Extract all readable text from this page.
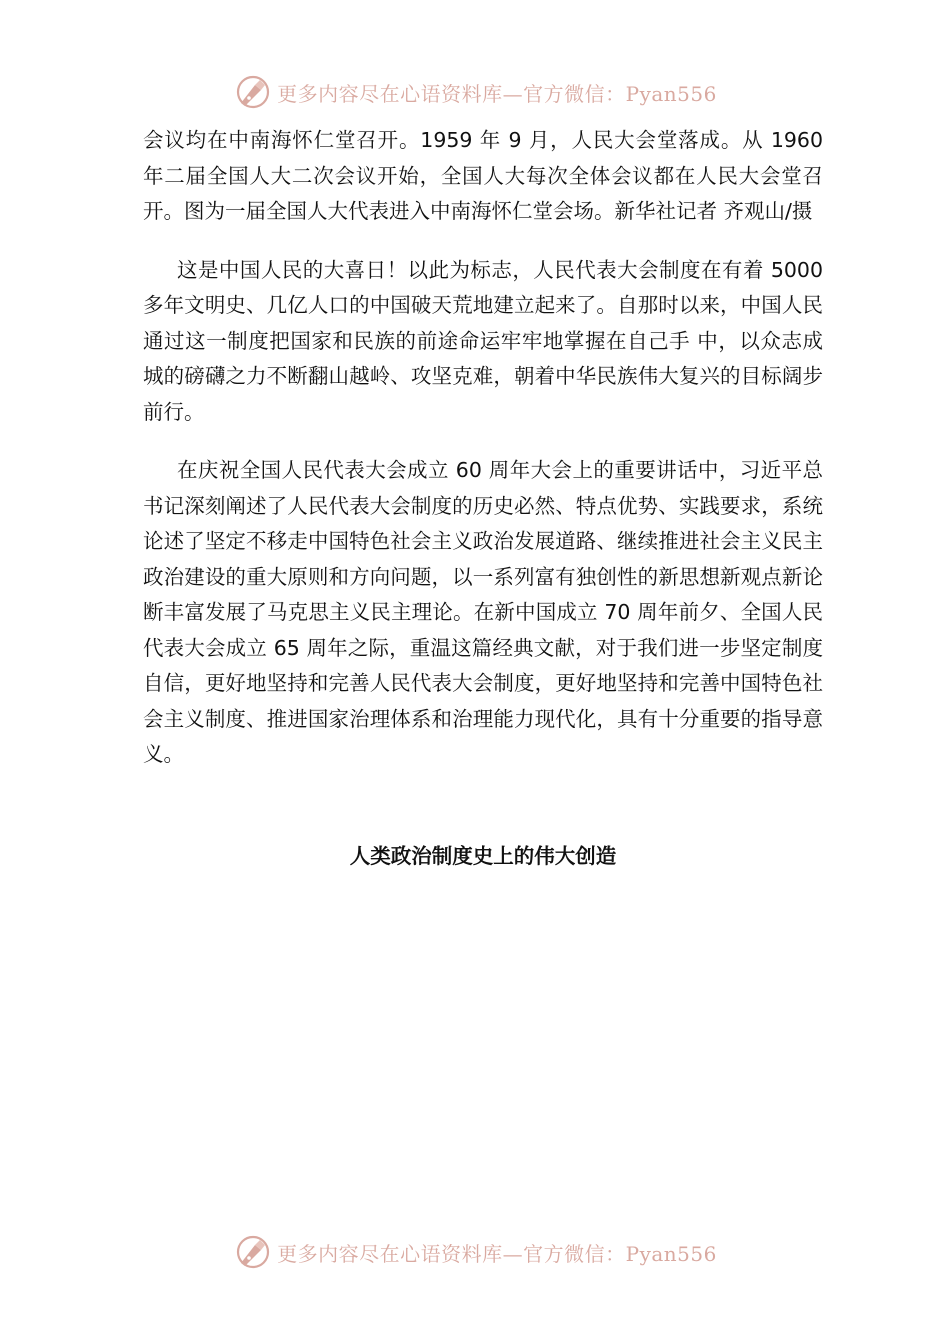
更多内容尽在心语资料库—官方微信：Pyan556

会议均在中南海怀仁堂召开。1959 年 9 月，人民大会堂落成。从 1960 年二届全国人大二次会议开始，全国人大每次全体会议都在人民大会堂召开。图为一届全国人大代表进入中南海怀仁堂会场。新华社记者 齐观山/摄

这是中国人民的大喜日！以此为标志，人民代表大会制度在有着 5000 多年文明史、几亿人口的中国破天荒地建立起来了。自那时以来，中国人民通过这一制度把国家和民族的前途命运牢牢地掌握在自己手 中，以众志成城的磅礴之力不断翻山越岭、攻坚克难，朝着中华民族伟大复兴的目标阔步前行。

在庆祝全国人民代表大会成立 60 周年大会上的重要讲话中，习近平总书记深刻阐述了人民代表大会制度的历史必然、特点优势、实践要求，系统论述了坚定不移走中国特色社会主义政治发展道路、继续推进社会主义民主政治建设的重大原则和方向问题，以一系列富有独创性的新思想新观点新论断丰富发展了马克思主义民主理论。在新中国成立 70 周年前夕、全国人民代表大会成立 65 周年之际，重温这篇经典文献，对于我们进一步坚定制度自信，更好地坚持和完善人民代表大会制度，更好地坚持和完善中国特色社会主义制度、推进国家治理体系和治理能力现代化，具有十分重要的指导意义。

人类政治制度史上的伟大创造
更多内容尽在心语资料库—官方微信：Pyan556
